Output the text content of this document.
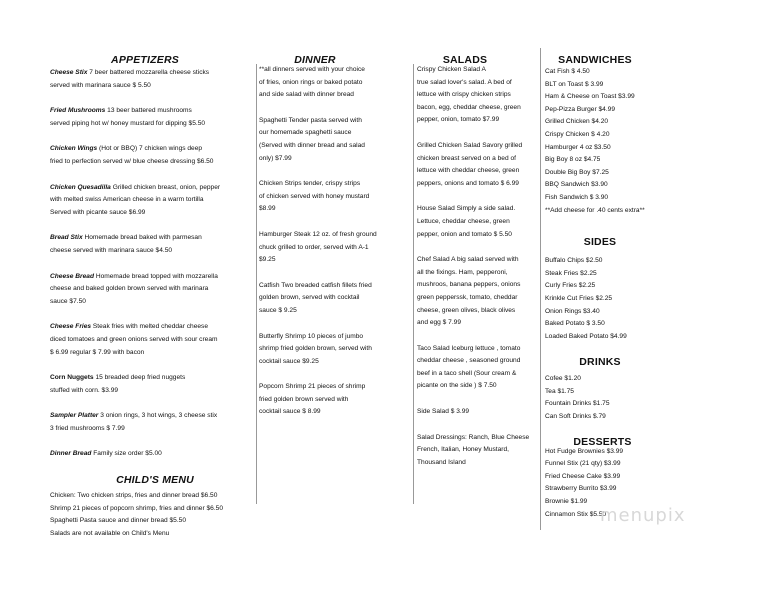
APPETIZERS	DINNER	SALADS	SANDWICHES
CHILD'S MENU
SIDES
DRINKS
DESSERTS
Cheese Stix 7 beer battered mozzarella cheese sticks
served with marinara sauce $ 5.50
Fried Mushrooms 13 beer battered mushrooms
served piping hot w/ honey mustard for dipping $5.50
Chicken Wings (Hot or BBQ) 7 chicken wings deep
fried to perfection served w/ blue cheese dressing $6.50
Chicken Quesadilla Grilled chicken breast, onion, pepper
with melted swiss American cheese in a warm tortilla
Served with picante sauce $6.99
Bread Stix Homemade bread baked with parmesan
cheese served with marinara sauce $4.50
Cheese Bread Homemade bread topped with mozzarella
cheese and baked golden brown served with marinara
sauce $7.50
Cheese Fries Steak fries with melted cheddar cheese
diced tomatoes and green onions served with sour cream
$ 6.99 regular $ 7.99 with bacon
Corn Nuggets 15 breaded deep fried nuggets
stuffed with corn. $3.99
Sampler Platter 3 onion rings, 3 hot wings, 3 cheese stix
3 fried mushrooms $ 7.99
Dinner Bread Family size order $5.00
Chicken: Two chicken strips, fries and dinner bread $6.50
Shrimp 21 pieces of popcorn shrimp, fries and dinner $6.50
Spaghetti Pasta sauce and dinner bread $5.50
Salads are not available on Child's Menu
**all dinners served with your choice
of fries, onion rings or baked potato
and side salad with dinner bread
Spaghetti Tender pasta served with
our homemade spaghetti sauce
(Served with dinner bread and salad
only) $7.99
Chicken Strips tender, crispy strips
of chicken served with honey mustard
$8.99
Hamburger Steak 12 oz. of fresh ground
chuck grilled to order, served with A-1
$9.25
Catfish Two breaded catfish fillets fried
golden brown, served with cocktail
sauce $ 9.25
Butterfly Shrimp 10 pieces of jumbo
shrimp fried golden brown, served with
cocktail sauce $9.25
Popcorn Shrimp 21 pieces of shrimp
fried golden brown served with
cocktail sauce $ 8.99
Crispy Chicken Salad A
true salad lover's salad. A bed of
lettuce with crispy chicken strips
bacon, egg, cheddar cheese, green
pepper, onion, tomato $7.99
Grilled Chicken Salad Savory grilled
chicken breast served on a bed of
lettuce with cheddar cheese, green
peppers, onions and tomato $ 6.99
House Salad Simply a side salad.
Lettuce, cheddar cheese, green
pepper, onion and tomato $ 5.50
Chef Salad A big salad served with
all the fixings. Ham, pepperoni,
mushroos, banana peppers, onions
green pepperssk, tomato, cheddar
cheese, green olives, black olives
and egg $ 7.99
Taco Salad Iceburg lettuce , tomato
cheddar cheese , seasoned ground
beef in a taco shell (Sour cream &
picante on the side ) $ 7.50
Side Salad $ 3.99
Salad Dressings: Ranch, Blue Cheese
French, Italian, Honey Mustard,
Thousand Island
Cat Fish $ 4.50
BLT on Toast $ 3.99
Ham & Cheese on Toast $3.99
Pep-Pizza Burger $4.99
Grilled Chicken $4.20
Crispy Chicken $ 4.20
Hamburger 4 oz $3.50
Big Boy 8 oz $4.75
Double Big Boy $7.25
BBQ Sandwich $3.90
Fish Sandwich $ 3.90
**Add cheese for .40 cents extra**
Buffalo Chips $2.50
Steak Fries $2.25
Curly Fries $2.25
Krinkle Cut Fries $2.25
Onion Rings $3.40
Baked Potato $ 3.50
Loaded Baked Potato $4.99
Cofee $1.20
Tea $1.75
Fountain Drinks $1.75
Can Soft Drinks $.79
Hot Fudge Brownies $3.99
Funnel Stix (21 qty) $3.99
Fried Cheese Cake $3.99
Strawberry Burrito $3.99
Brownie $1.99
Cinnamon Stix $5.50
menupix
